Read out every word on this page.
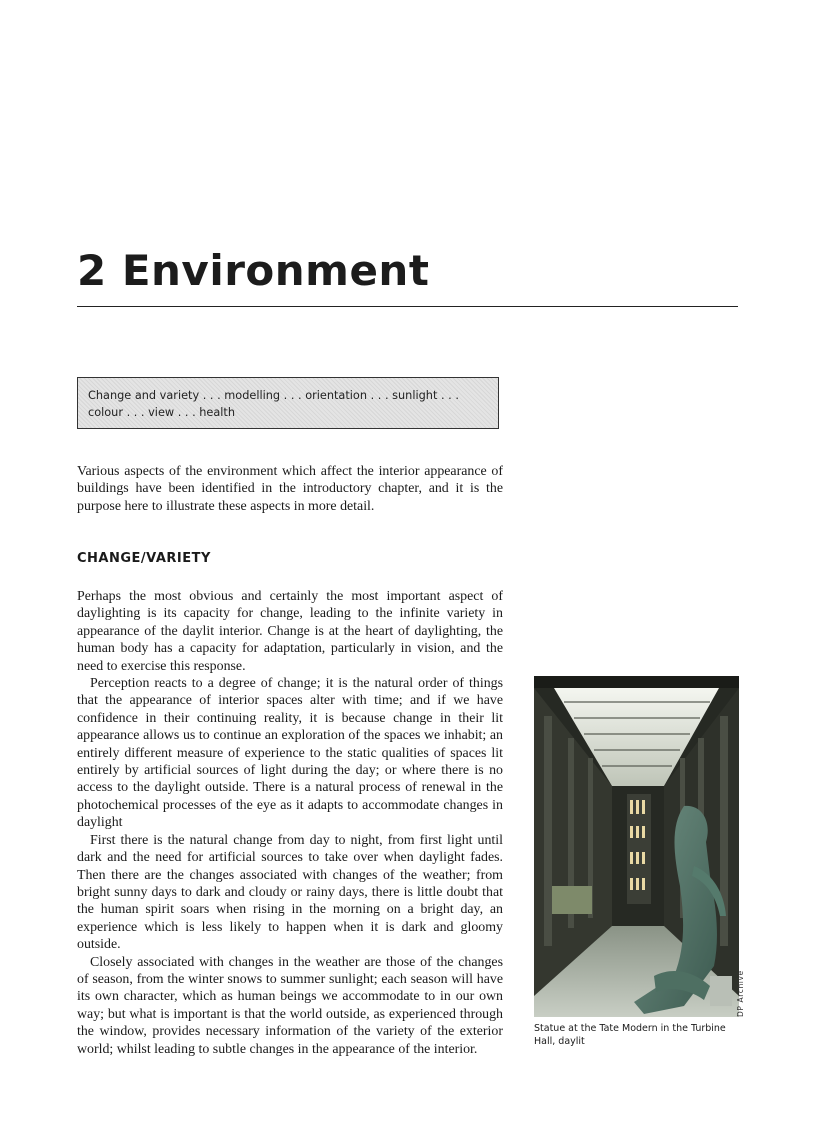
2 Environment
Change and variety . . . modelling . . . orientation . . . sunlight . . . colour . . . view . . . health

Various aspects of the environment which affect the interior appearance of buildings have been identified in the introductory chapter, and it is the purpose here to illustrate these aspects in more detail.

CHANGE/VARIETY

Perhaps the most obvious and certainly the most important aspect of daylighting is its capacity for change, leading to the infinite variety in appearance of the daylit interior. Change is at the heart of daylighting, the human body has a capacity for adaptation, particularly in vision, and the need to exercise this response.

Perception reacts to a degree of change; it is the natural order of things that the appearance of interior spaces alter with time; and if we have confidence in their continuing reality, it is because change in their lit appearance allows us to continue an exploration of the spaces we inhabit; an entirely different measure of experience to the static qualities of spaces lit entirely by artificial sources of light during the day; or where there is no access to the daylight outside. There is a natural process of renewal in the photochemical processes of the eye as it adapts to accommodate changes in daylight

First there is the natural change from day to night, from first light until dark and the need for artificial sources to take over when daylight fades. Then there are the changes associated with changes of the weather; from bright sunny days to dark and cloudy or rainy days, there is little doubt that the human spirit soars when rising in the morning on a bright day, an experience which is less likely to happen when it is dark and gloomy outside.

Closely associated with changes in the weather are those of the changes of season, from the winter snows to summer sunlight; each season will have its own character, which as human beings we accommodate to in our own way; but what is important is that the world outside, as experienced through the window, provides necessary information of the variety of the exterior world; whilst leading to subtle changes in the appearance of the interior.

DP Archive
Statue at the Tate Modern in the Turbine Hall, daylit
